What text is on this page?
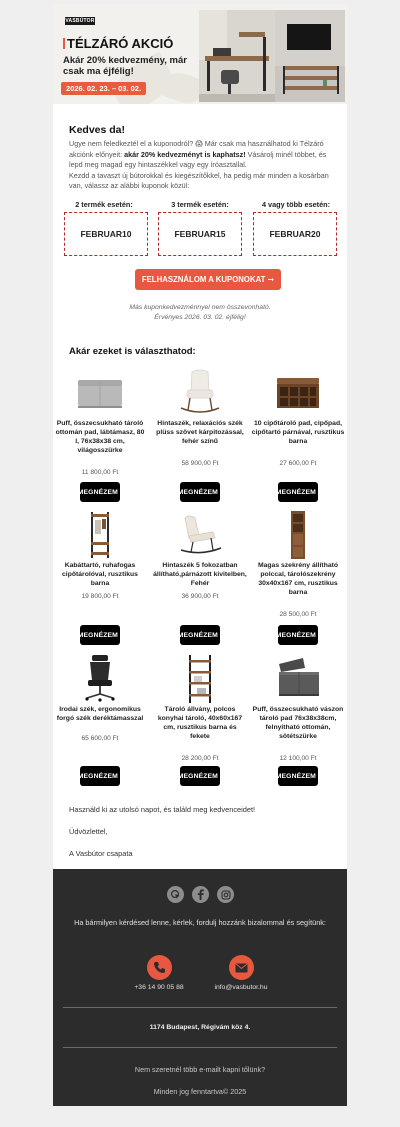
VASBÚTOR
TÉLZÁRÓ AKCIÓ
Akár 20% kedvezmény, már csak ma éjfélig!
2026. 02. 23. – 03. 02.
Kedves da!
Ugye nem feledkeztél el a kuponodról? 😱 Már csak ma használhatod ki Télzáró akciónk előnyeit: akár 20% kedvezményt is kaphatsz! Vásárolj minél többet, és lepd meg magad egy hintaszékkel vagy egy íróasztallal.
Kezdd a tavaszt új bútorokkal és kiegészítőkkel, ha pedig már minden a kosárban van, válassz az alábbi kuponok közül:
2 termék esetén:	3 termék esetén:	4 vagy több esetén:
FEBRUAR10	FEBRUAR15	FEBRUAR20
FELHASZNÁLOM A KUPONOKAT ➞
Más kuponkedvezménnyel nem összevonható.
Érvényes 2026. 03. 02. éjfélig!
Akár ezeket is választhatod:
Puff, összecsukható tároló ottomán pad, lábtámasz, 80 l, 76x38x38 cm, világosszürke
11 800,00 Ft
MEGNÉZEM ›
Hintaszék, relaxációs szék plüss szövet kárpitozással, fehér színű
58 900,00 Ft
MEGNÉZEM ›
10 cipőtároló pad, cipőpad, cipőtartó párnával, rusztikus barna
27 600,00 Ft
MEGNÉZEM ›
Kabáttartó, ruhafogas cipőtárolóval, rusztikus barna
19 800,00 Ft
MEGNÉZEM ›
Hintaszék 5 fokozatban állítható,párnázott kivitelben, Fehér
36 900,00 Ft
MEGNÉZEM ›
Magas szekrény állítható polccal, tárolószekrény 30x40x167 cm, rusztikus barna
28 500,00 Ft
MEGNÉZEM ›
Irodai szék, ergonomikus forgó szék deréktámasszal
65 600,00 Ft
MEGNÉZEM ›
Tároló állvány, polcos konyhai tároló, 40x60x167 cm, rusztikus barna és fekete
28 200,00 Ft
MEGNÉZEM ›
Puff, összecsukható vászon tároló pad 76x38x38cm, felnyitható ottomán, sötétszürke
12 100,00 Ft
MEGNÉZEM ›
Használd ki az utolsó napot, és találd meg kedvenceidet!
Üdvözlettel,
A Vasbútor csapata
Ha bármilyen kérdésed lenne, kérlek, fordulj hozzánk bizalommal és segítünk:
+36 14 90 05 88	info@vasbutor.hu
1174 Budapest, Régivám köz 4.
Nem szeretnél több e-mailt kapni tőlünk?
Minden jog fenntartva© 2025
